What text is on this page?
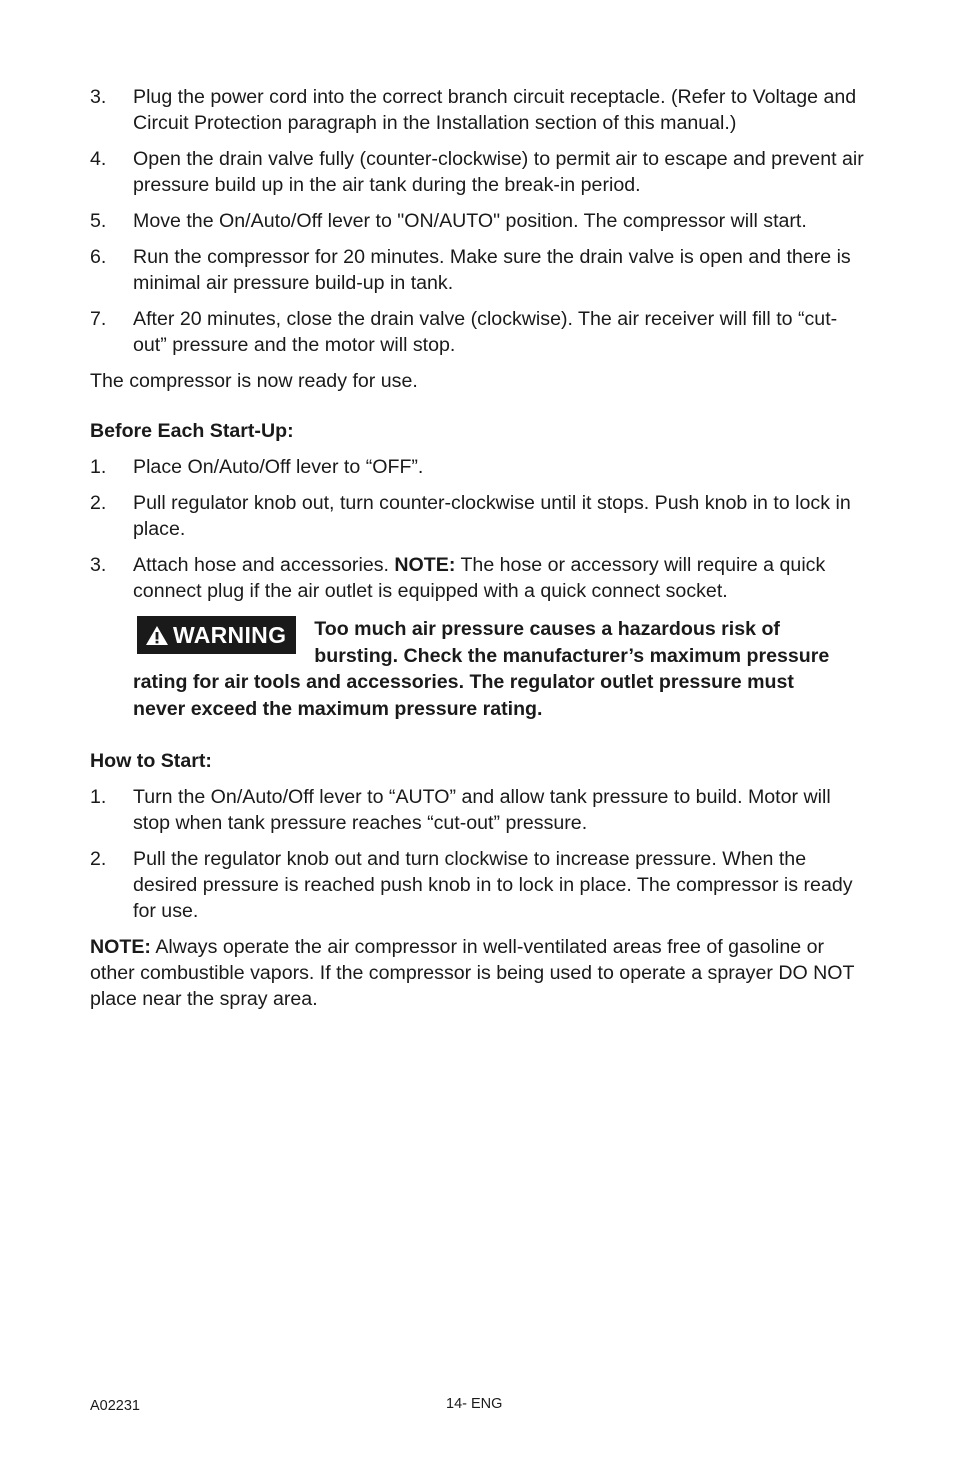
3. Plug the power cord into the correct branch circuit receptacle. (Refer to Voltage and Circuit Protection paragraph in the Installation section of this manual.)
4. Open the drain valve fully (counter-clockwise) to permit air to escape and prevent air pressure build up in the air tank during the break-in period.
5. Move the On/Auto/Off lever to "ON/AUTO" position. The compressor will start.
6. Run the compressor for 20 minutes. Make sure the drain valve is open and there is minimal air pressure build-up in tank.
7. After 20 minutes, close the drain valve (clockwise). The air receiver will fill to “cut-out” pressure and the motor will stop.

The compressor is now ready for use.

Before Each Start-Up:
1. Place On/Auto/Off lever to “OFF”.
2. Pull regulator knob out, turn counter-clockwise until it stops. Push knob in to lock in place.
3. Attach hose and accessories. NOTE: The hose or accessory will require a quick connect plug if the air outlet is equipped with a quick connect socket.
WARNING Too much air pressure causes a hazardous risk of bursting. Check the manufacturer’s maximum pressure rating for air tools and accessories. The regulator outlet pressure must never exceed the maximum pressure rating.
How to Start:
1. Turn the On/Auto/Off lever to “AUTO” and allow tank pressure to build. Motor will stop when tank pressure reaches “cut-out” pressure.
2. Pull the regulator knob out and turn clockwise to increase pressure. When the desired pressure is reached push knob in to lock in place. The compressor is ready for use.

NOTE: Always operate the air compressor in well-ventilated areas free of gasoline or other combustible vapors. If the compressor is being used to operate a sprayer DO NOT place near the spray area.

A02231	14- ENG
